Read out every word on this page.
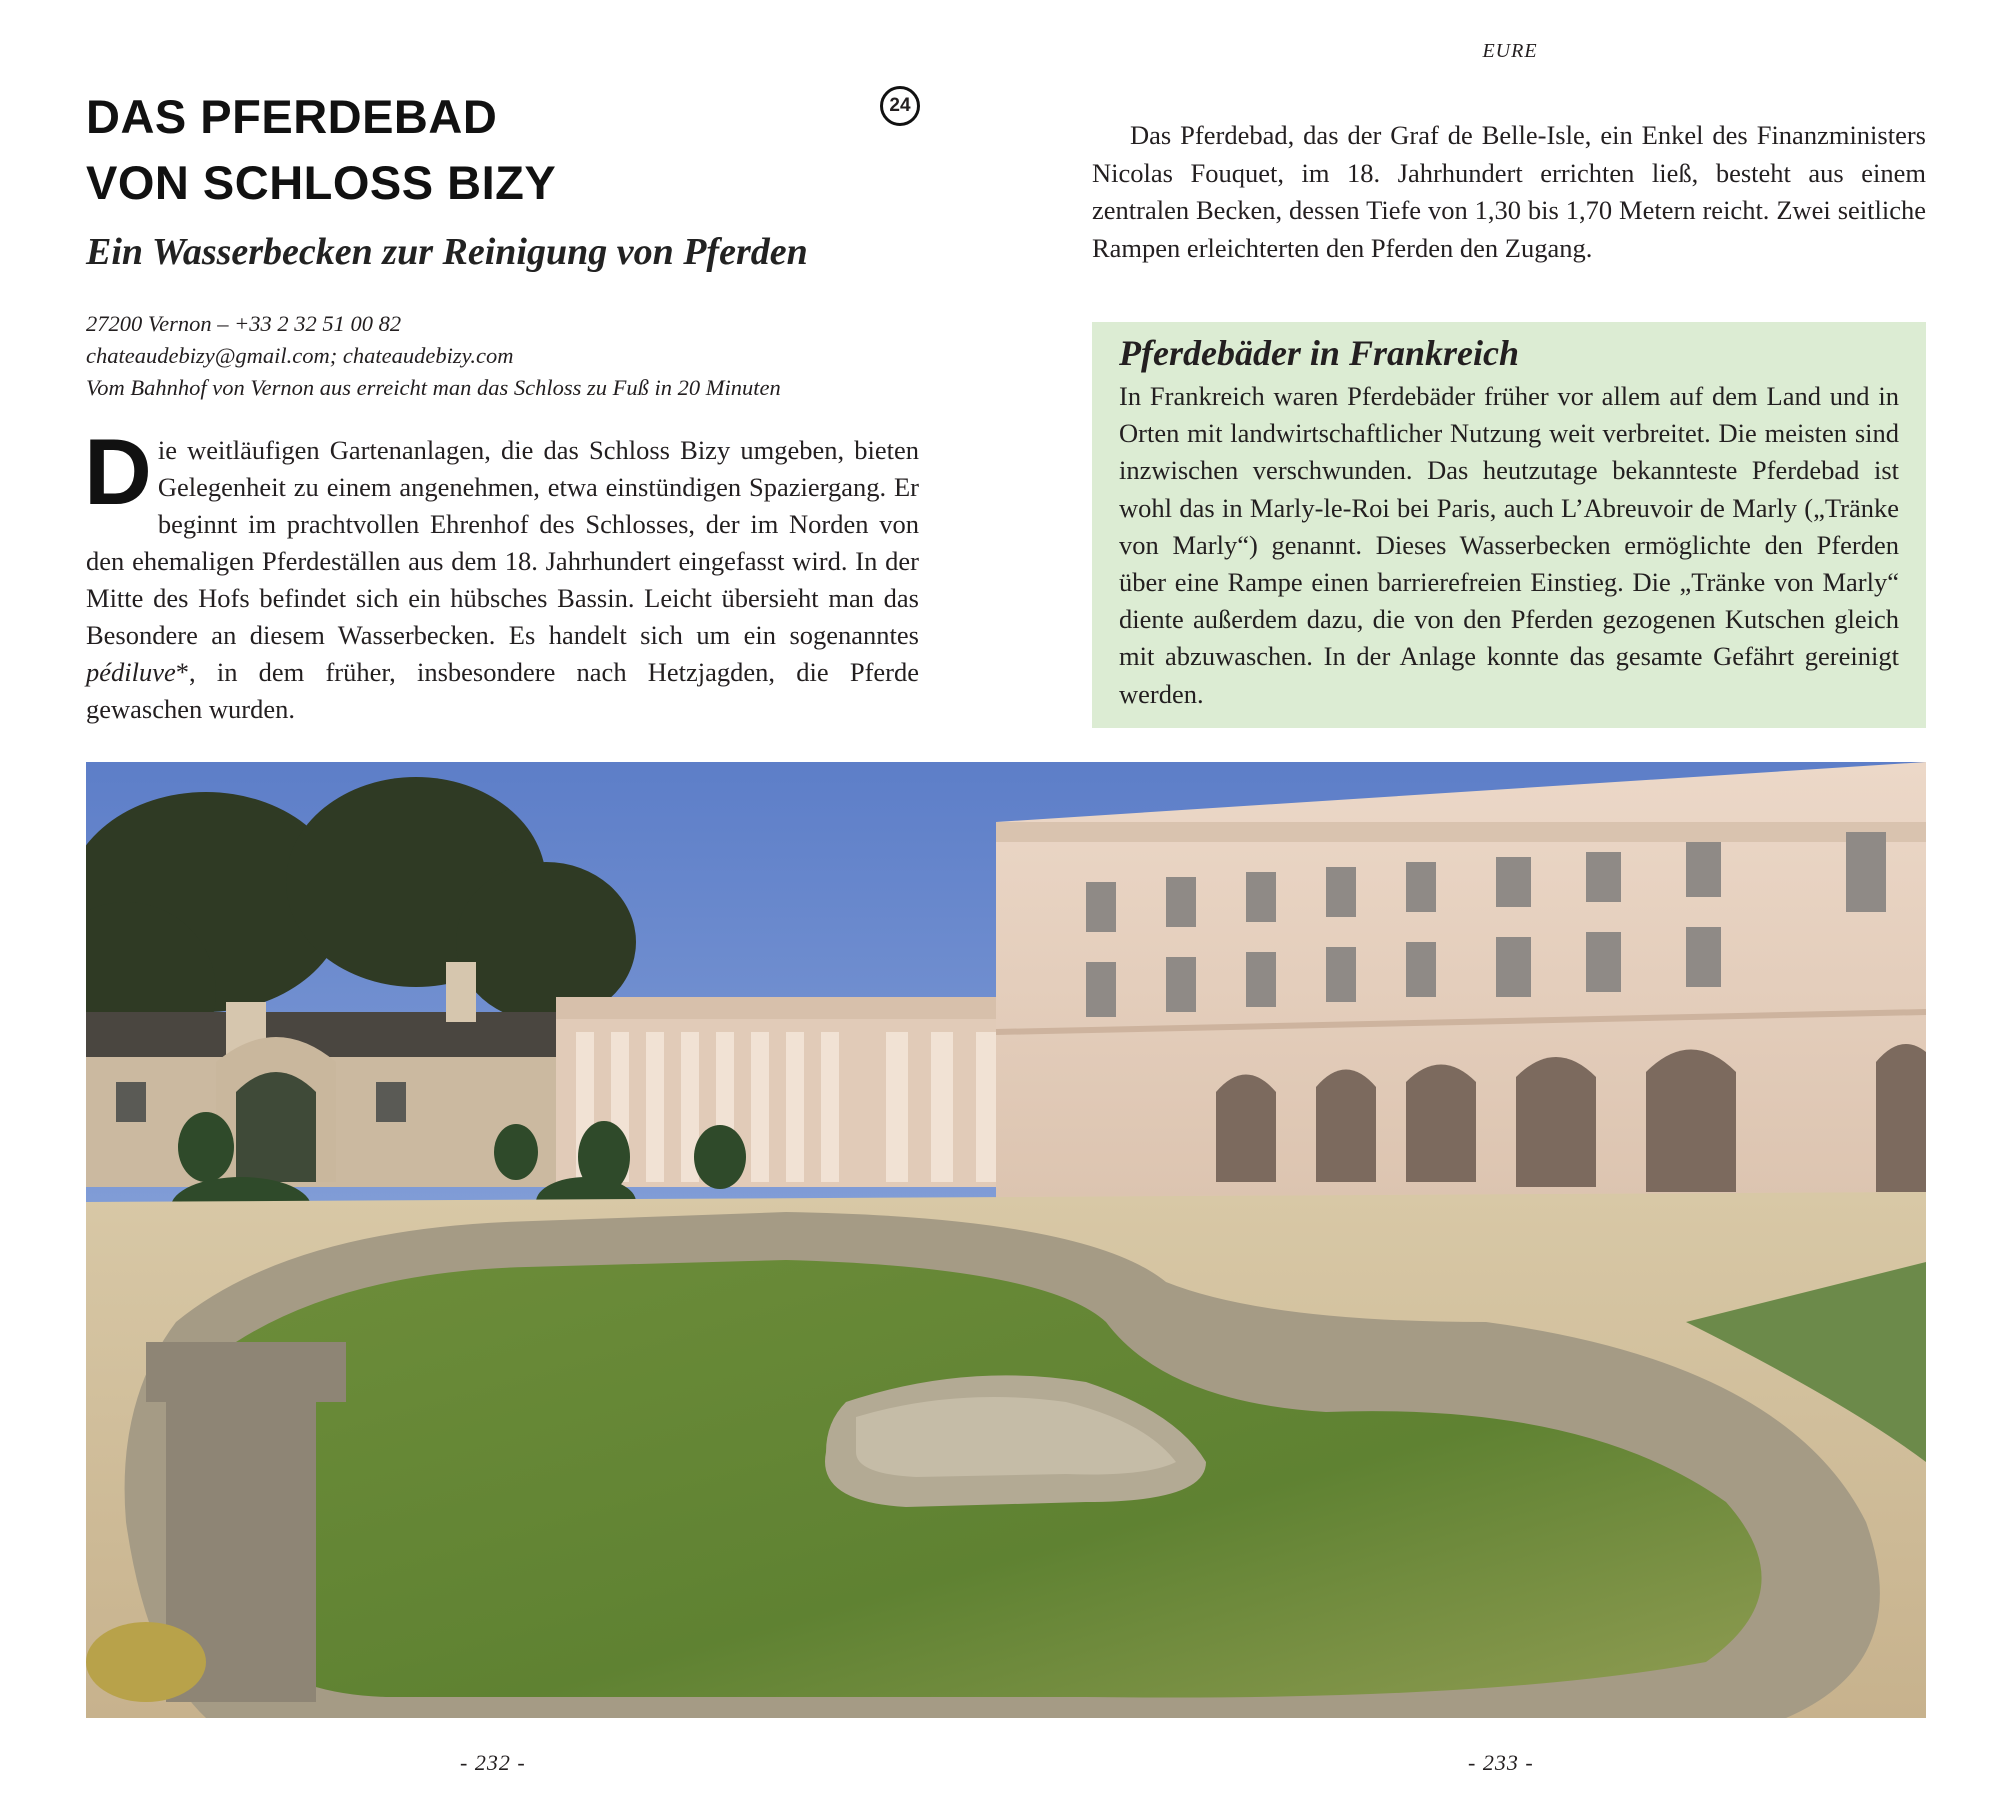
EURE
DAS PFERDEBAD
VON SCHLOSS BIZY
24
Ein Wasserbecken zur Reinigung von Pferden
27200 Vernon – +33 2 32 51 00 82
chateaudebizy@gmail.com; chateaudebizy.com
Vom Bahnhof von Vernon aus erreicht man das Schloss zu Fuß in 20 Minuten

Die weitläufigen Gartenanlagen, die das Schloss Bizy umgeben, bieten Gelegenheit zu einem angenehmen, etwa einstündigen Spaziergang. Er beginnt im prachtvollen Ehrenhof des Schlosses, der im Norden von den ehemaligen Pferdeställen aus dem 18. Jahrhundert eingefasst wird. In der Mitte des Hofs befindet sich ein hübsches Bassin. Leicht übersieht man das Besondere an diesem Wasserbecken. Es handelt sich um ein sogenanntes pédiluve*, in dem früher, insbesondere nach Hetzjagden, die Pferde gewaschen wurden.

Das Pferdebad, das der Graf de Belle-Isle, ein Enkel des Finanzministers Nicolas Fouquet, im 18. Jahrhundert errichten ließ, besteht aus einem zentralen Becken, dessen Tiefe von 1,30 bis 1,70 Metern reicht. Zwei seitliche Rampen erleichterten den Pferden den Zugang.

Pferdebäder in Frankreich

In Frankreich waren Pferdebäder früher vor allem auf dem Land und in Orten mit landwirtschaftlicher Nutzung weit verbreitet. Die meisten sind inzwischen verschwunden. Das heutzutage bekannteste Pferdebad ist wohl das in Marly-le-Roi bei Paris, auch L’Abreuvoir de Marly („Tränke von Marly“) genannt. Dieses Wasserbecken ermöglichte den Pferden über eine Rampe einen barrierefreien Einstieg. Die „Tränke von Marly“ diente außerdem dazu, die von den Pferden gezogenen Kutschen gleich mit abzuwaschen. In der Anlage konnte das gesamte Gefährt gereinigt werden.

- 232 -	- 233 -
